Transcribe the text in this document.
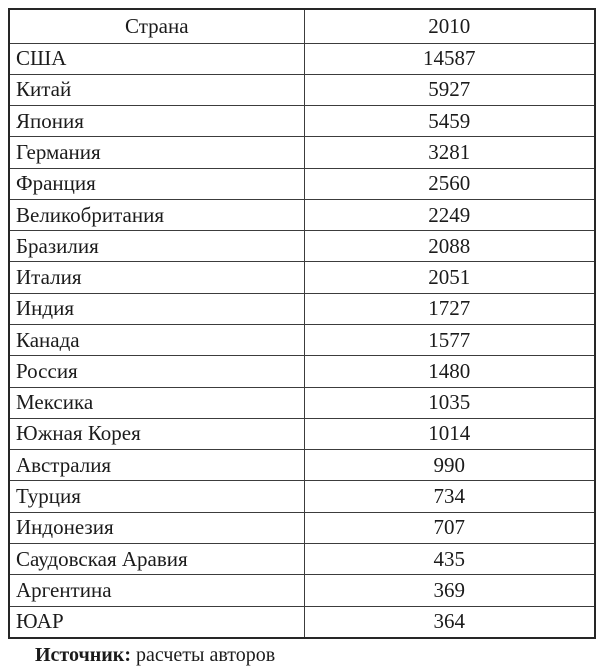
Страна	2010
США	14587
Китай	5927
Япония	5459
Германия	3281
Франция	2560
Великобритания	2249
Бразилия	2088
Италия	2051
Индия	1727
Канада	1577
Россия	1480
Мексика	1035
Южная Корея	1014
Австралия	990
Турция	734
Индонезия	707
Саудовская Аравия	435
Аргентина	369
ЮАР	364

Источник: расчеты авторов
